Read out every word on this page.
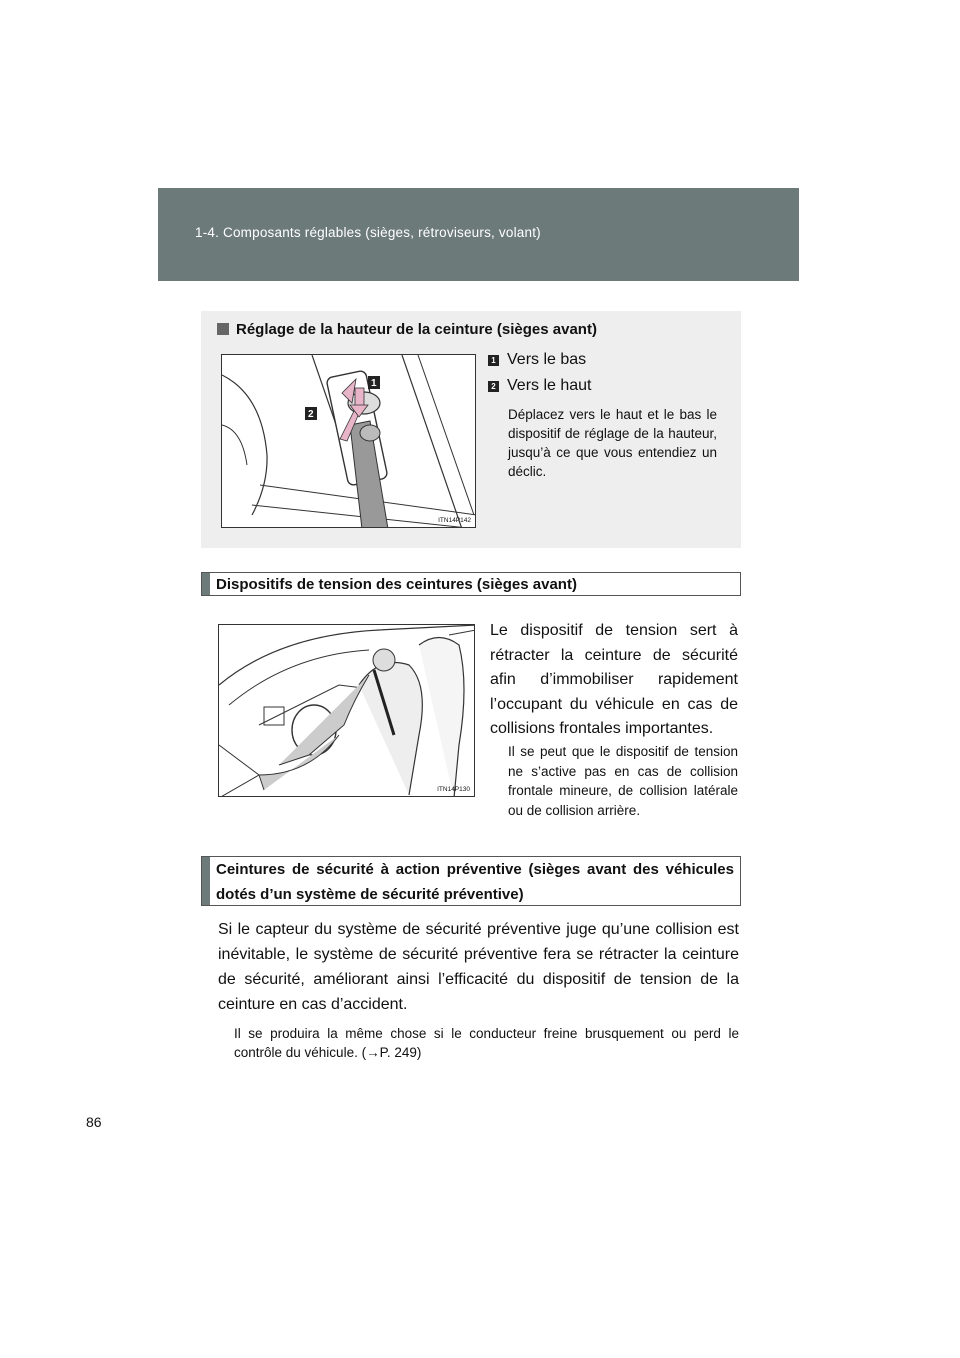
1-4. Composants réglables (sièges, rétroviseurs, volant)
Réglage de la hauteur de la ceinture (sièges avant)
1
2
ITN14P142
1 Vers le bas
2 Vers le haut
Déplacez vers le haut et le bas le dispositif de réglage de la hauteur, jusqu’à ce que vous entendiez un déclic.
Dispositifs de tension des ceintures (sièges avant)
ITN14P130
Le dispositif de tension sert à rétracter la ceinture de sécurité afin d’immobiliser rapidement l’occupant du véhicule en cas de collisions frontales importantes.
Il se peut que le dispositif de tension ne s’active pas en cas de collision frontale mineure, de collision latérale ou de collision arrière.
Ceintures de sécurité à action préventive (sièges avant des véhicules dotés d’un système de sécurité préventive)
Si le capteur du système de sécurité préventive juge qu’une collision est inévitable, le système de sécurité préventive fera se rétracter la ceinture de sécurité, améliorant ainsi l’efficacité du dispositif de tension de la ceinture en cas d’accident.
Il se produira la même chose si le conducteur freine brusquement ou perd le contrôle du véhicule. (→P. 249)
86
